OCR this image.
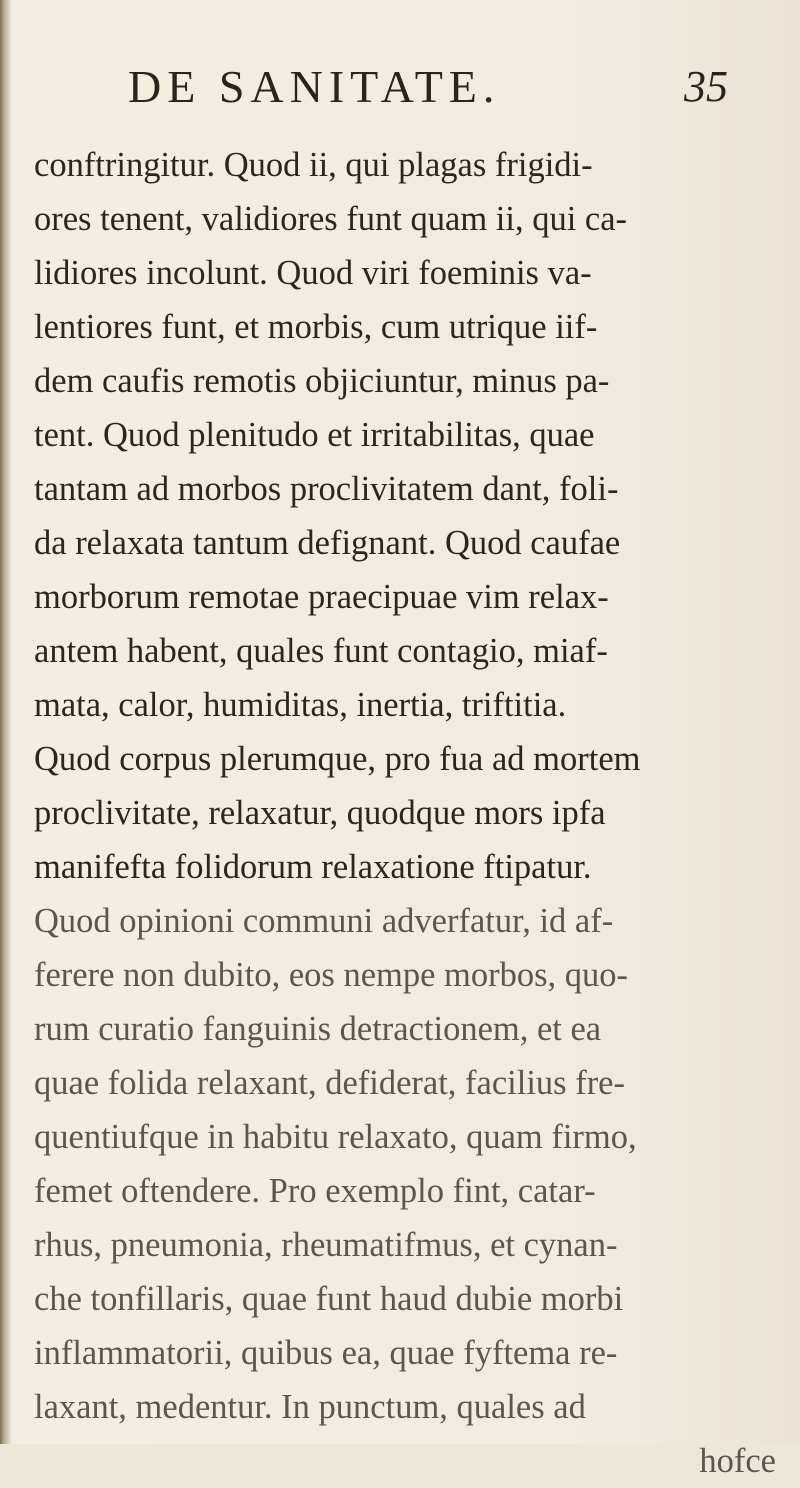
DE SANITATE.	35
conftringitur. Quod ii, qui plagas frigidi-
ores tenent, validiores funt quam ii, qui ca-
lidiores incolunt. Quod viri foeminis va-
lentiores funt, et morbis, cum utrique iif-
dem caufis remotis objiciuntur, minus pa-
tent. Quod plenitudo et irritabilitas, quae
tantam ad morbos proclivitatem dant, foli-
da relaxata tantum defignant. Quod caufae
morborum remotae praecipuae vim relax-
antem habent, quales funt contagio, miaf-
mata, calor, humiditas, inertia, triftitia.
Quod corpus plerumque, pro fua ad mortem
proclivitate, relaxatur, quodque mors ipfa
manifefta folidorum relaxatione ftipatur.
Quod opinioni communi adverfatur, id af-
ferere non dubito, eos nempe morbos, quo-
rum curatio fanguinis detractionem, et ea
quae folida relaxant, defiderat, facilius fre-
quentiufque in habitu relaxato, quam firmo,
femet oftendere. Pro exemplo fint, catar-
rhus, pneumonia, rheumatifmus, et cynan-
che tonfillaris, quae funt haud dubie morbi
inflammatorii, quibus ea, quae fyftema re-
laxant, medentur. In punctum, quales ad
hofce
